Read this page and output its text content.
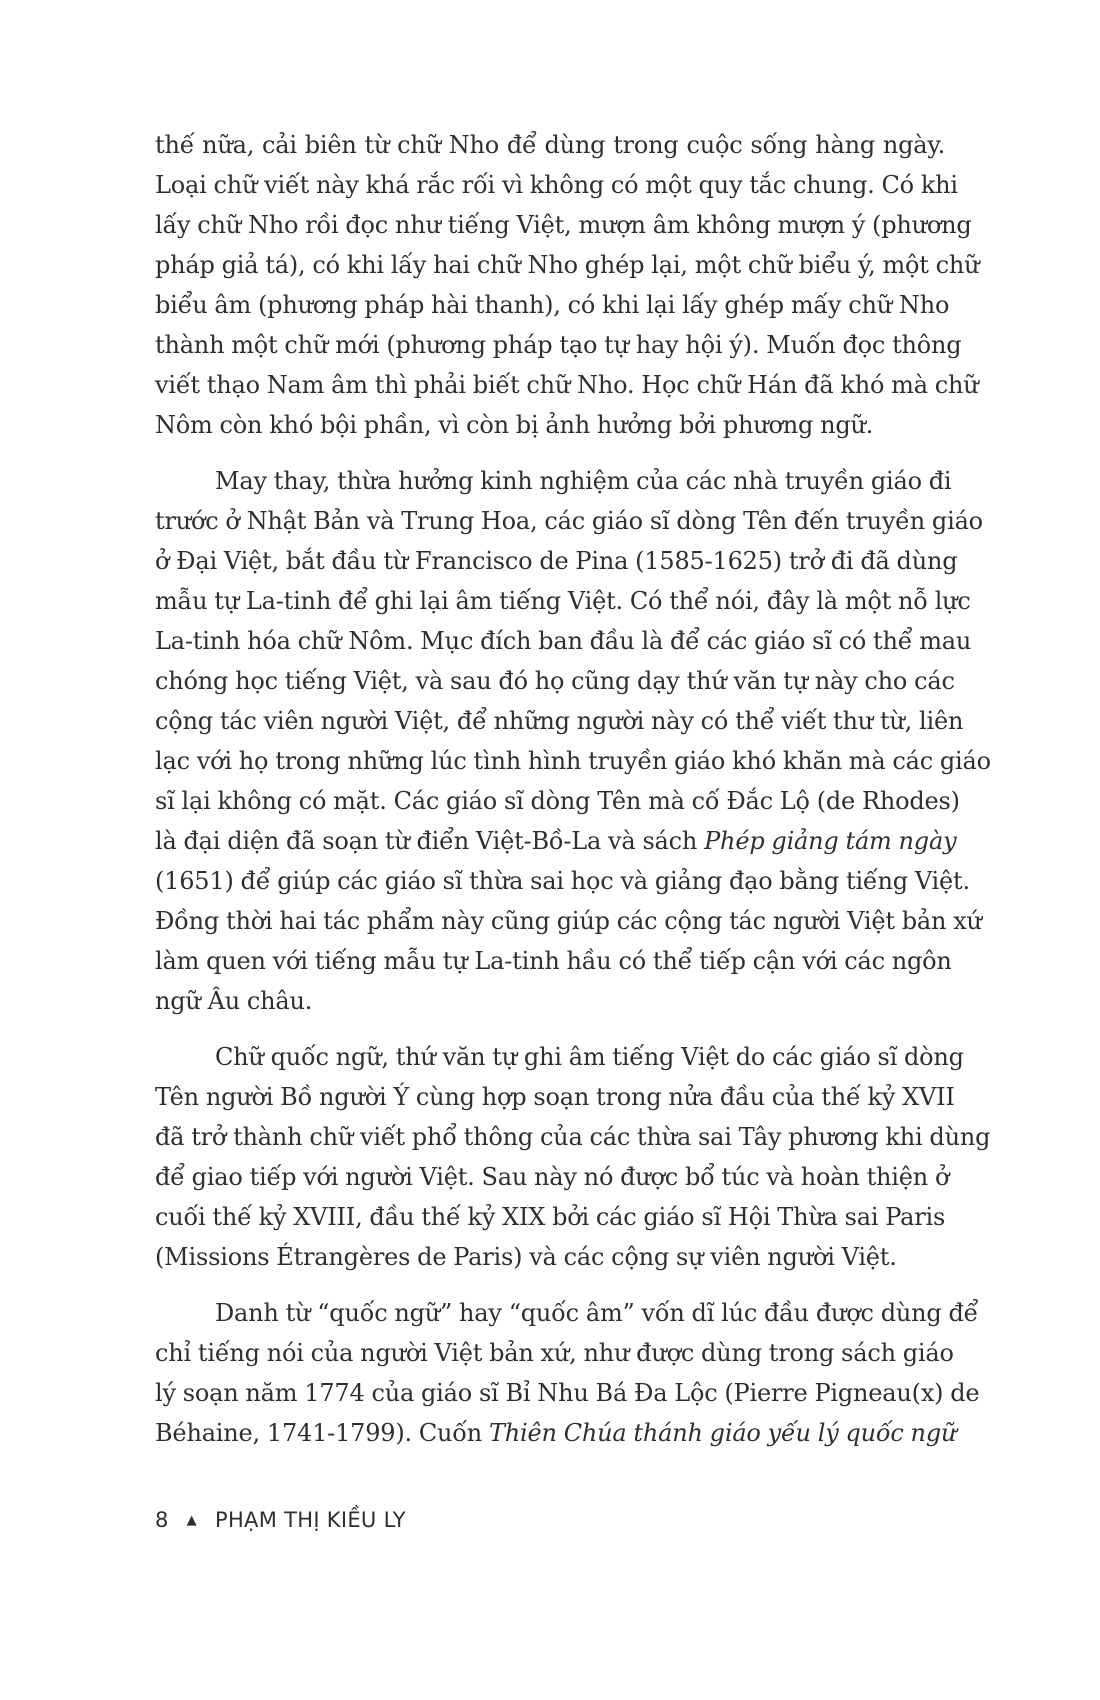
thế nữa, cải biên từ chữ Nho để dùng trong cuộc sống hàng ngày.
Loại chữ viết này khá rắc rối vì không có một quy tắc chung. Có khi
lấy chữ Nho rồi đọc như tiếng Việt, mượn âm không mượn ý (phương
pháp giả tá), có khi lấy hai chữ Nho ghép lại, một chữ biểu ý, một chữ
biểu âm (phương pháp hài thanh), có khi lại lấy ghép mấy chữ Nho
thành một chữ mới (phương pháp tạo tự hay hội ý). Muốn đọc thông
viết thạo Nam âm thì phải biết chữ Nho. Học chữ Hán đã khó mà chữ
Nôm còn khó bội phần, vì còn bị ảnh hưởng bởi phương ngữ.
May thay, thừa hưởng kinh nghiệm của các nhà truyền giáo đi
trước ở Nhật Bản và Trung Hoa, các giáo sĩ dòng Tên đến truyền giáo
ở Đại Việt, bắt đầu từ Francisco de Pina (1585-1625) trở đi đã dùng
mẫu tự La-tinh để ghi lại âm tiếng Việt. Có thể nói, đây là một nỗ lực
La-tinh hóa chữ Nôm. Mục đích ban đầu là để các giáo sĩ có thể mau
chóng học tiếng Việt, và sau đó họ cũng dạy thứ văn tự này cho các
cộng tác viên người Việt, để những người này có thể viết thư từ, liên
lạc với họ trong những lúc tình hình truyền giáo khó khăn mà các giáo
sĩ lại không có mặt. Các giáo sĩ dòng Tên mà cố Đắc Lộ (de Rhodes)
là đại diện đã soạn từ điển Việt-Bồ-La và sách Phép giảng tám ngày
(1651) để giúp các giáo sĩ thừa sai học và giảng đạo bằng tiếng Việt.
Đồng thời hai tác phẩm này cũng giúp các cộng tác người Việt bản xứ
làm quen với tiếng mẫu tự La-tinh hầu có thể tiếp cận với các ngôn
ngữ Âu châu.
Chữ quốc ngữ, thứ văn tự ghi âm tiếng Việt do các giáo sĩ dòng
Tên người Bồ người Ý cùng hợp soạn trong nửa đầu của thế kỷ XVII
đã trở thành chữ viết phổ thông của các thừa sai Tây phương khi dùng
để giao tiếp với người Việt. Sau này nó được bổ túc và hoàn thiện ở
cuối thế kỷ XVIII, đầu thế kỷ XIX bởi các giáo sĩ Hội Thừa sai Paris
(Missions Étrangères de Paris) và các cộng sự viên người Việt.
Danh từ “quốc ngữ” hay “quốc âm” vốn dĩ lúc đầu được dùng để
chỉ tiếng nói của người Việt bản xứ, như được dùng trong sách giáo
lý soạn năm 1774 của giáo sĩ Bỉ Nhu Bá Đa Lộc (Pierre Pigneau(x) de
Béhaine, 1741-1799). Cuốn Thiên Chúa thánh giáo yếu lý quốc ngữ
8 ▲ PHẠM THỊ KIỀU LY
